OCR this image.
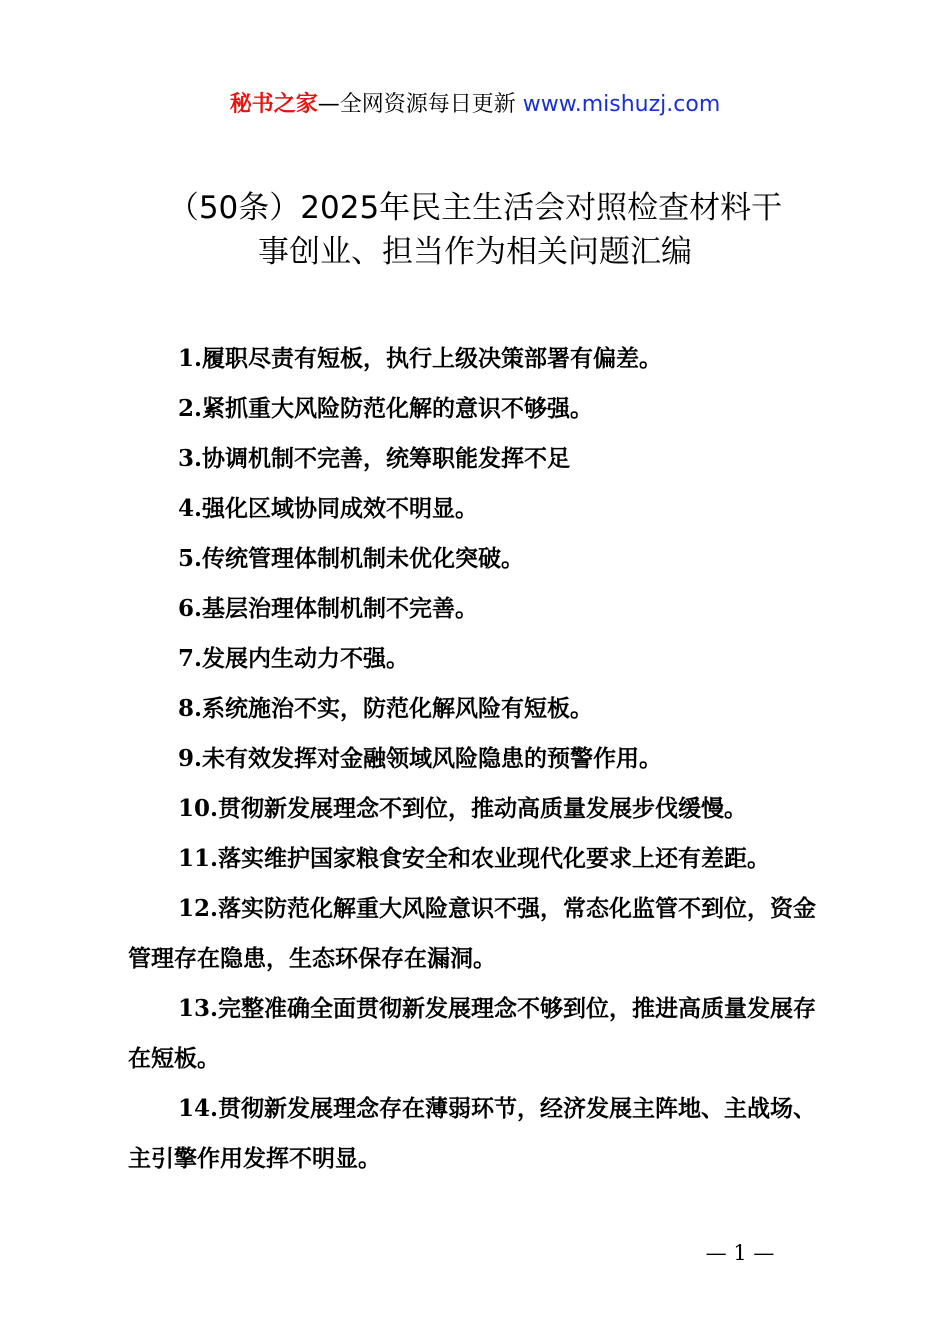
秘书之家—全网资源每日更新 www.mishuzj.com
（50条）2025年民主生活会对照检查材料干
事创业、担当作为相关问题汇编
1.履职尽责有短板，执行上级决策部署有偏差。
2.紧抓重大风险防范化解的意识不够强。
3.协调机制不完善，统筹职能发挥不足
4.强化区域协同成效不明显。
5.传统管理体制机制未优化突破。
6.基层治理体制机制不完善。
7.发展内生动力不强。
8.系统施治不实，防范化解风险有短板。
9.未有效发挥对金融领域风险隐患的预警作用。
10.贯彻新发展理念不到位，推动高质量发展步伐缓慢。
11.落实维护国家粮食安全和农业现代化要求上还有差距。
12.落实防范化解重大风险意识不强，常态化监管不到位，资金管理存在隐患，生态环保存在漏洞。
13.完整准确全面贯彻新发展理念不够到位，推进高质量发展存在短板。
14.贯彻新发展理念存在薄弱环节，经济发展主阵地、主战场、主引擎作用发挥不明显。
— 1 —
